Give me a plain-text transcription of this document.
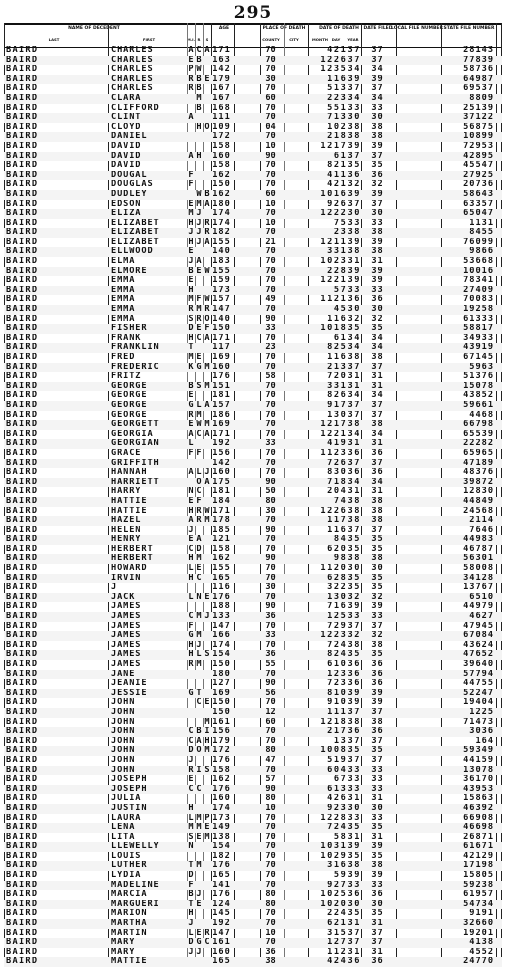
295
NAME OF DECEDENT
LAST	FIRST	M.I. R S
AGE	PLACE OF DEATH
COUNTY CITY
DATE OF DEATH
MONTH DAY YEAR
DATE FILED
LOCAL FILE NUMBER STATE FILE NUMBER
BAIRD	CHARLES	A C A 171	70	42137	37	28143
BAIRD	CHARLES	E B 163	70	122637	37	77839
BAIRD	CHARLES	P W 142	70	123534	34	58736
BAIRD	CHARLES	R B E 179	30	11639	39	64987
BAIRD	CHARLES	R B 167	70	51337	37	69537
BAIRD	CLARA	M 167	60	22334	34	8809
BAIRD	CLIFFORD	B 168	70	55133	33	25139
BAIRD	CLINT	A 111	70	71330	30	37122
BAIRD	CLOYD	H O 109	04	10238	38	56875
BAIRD	DANIEL	172	70	21838	38	10899
BAIRD	DAVID	158	10	121739	39	72953
BAIRD	DAVID	A H 160	90	6137	37	42895
BAIRD	DAVID	158	70	82135	35	45547
BAIRD	DOUGAL	F 162	70	41136	36	27925
BAIRD	DOUGLAS	F 150	70	42132	32	20736
BAIRD	DUDLEY	W B 162	60	101639	39	58643
BAIRD	EDSON	E M A 180	10	92637	37	63357
BAIRD	ELIZA	M J 174	70	122230	30	65047
BAIRD	ELIZABET	H J R 174	10	7533	33	1131
BAIRD	ELIZABET	J J R 182	70	2338	38	8455
BAIRD	ELIZABET	H J A 155	21	121139	39	76099
BAIRD	ELLWOOD	E 140	70	33138	38	9866
BAIRD	ELMA	J A 183	70	102331	31	53668
BAIRD	ELMORE	B E W 155	70	22839	39	10016
BAIRD	EMMA	E 159	70	122139	39	78341
BAIRD	EMMA	H 173	70	5733	33	27409
BAIRD	EMMA	M F W 157	49	112136	36	70083
BAIRD	EMMA	R M R 147	70	4530	30	19258
BAIRD	EMMA	S R O 140	90	11632	32	61333
BAIRD	FISHER	D E F 150	33	101835	35	58817
BAIRD	FRANK	H C A 171	70	6134	34	34933
BAIRD	FRANKLIN	T 117	23	82534	34	43919
BAIRD	FRED	M E 169	70	11638	38	67145
BAIRD	FREDERIC	K G M 160	70	21337	37	5963
BAIRD	FRITZ	176	58	72031	31	51376
BAIRD	GEORGE	B S M 151	70	33131	31	15078
BAIRD	GEORGE	E 181	70	82634	34	43852
BAIRD	GEORGE	G L A 157	70	91737	37	59661
BAIRD	GEORGE	R M 186	70	13037	37	4468
BAIRD	GEORGETT	E W M 169	70	121738	38	66798
BAIRD	GEORGIA	A C A 171	70	122134	34	65539
BAIRD	GEORGIAN	L 192	33	41931	31	22282
BAIRD	GRACE	F F 156	70	112336	36	65965
BAIRD	GRIFFITH	142	70	72637	37	47189
BAIRD	HANNAH	A L J 160	70	83036	36	48376
BAIRD	HARRIETT	O A 175	90	71834	34	39872
BAIRD	HARRY	N C 181	50	20431	31	12830
BAIRD	HATTIE	E F 184	80	7438	38	44849
BAIRD	HATTIE	H R W 171	30	122638	38	24568
BAIRD	HAZEL	A R M 178	70	11738	38	2114
BAIRD	HELEN	J 185	90	11637	37	7646
BAIRD	HENRY	E A 121	70	8435	35	44983
BAIRD	HERBERT	C D 158	70	62035	35	46787
BAIRD	HERBERT	H M 162	90	9838	38	56301
BAIRD	HOWARD	L E 155	70	112030	30	58008
BAIRD	IRVIN	H C 165	70	62835	35	34128
BAIRD	J	116	30	32235	35	13767
BAIRD	JACK	L N E 176	70	13032	32	6510
BAIRD	JAMES	188	90	71639	39	44979
BAIRD	JAMES	C M J 133	36	12533	33	4627
BAIRD	JAMES	F 147	70	72937	37	47945
BAIRD	JAMES	G M 166	33	122332	32	67084
BAIRD	JAMES	H J 174	70	72438	38	43624
BAIRD	JAMES	H L S 154	36	82435	35	47652
BAIRD	JAMES	R M 150	55	61036	36	39640
BAIRD	JANE	180	70	12336	36	57794
BAIRD	JEANIE	127	90	72336	36	44755
BAIRD	JESSIE	G T 169	56	81039	39	52247
BAIRD	JOHN	C E 150	70	91039	39	19404
BAIRD	JOHN	150	12	11137	37	1225
BAIRD	JOHN	M 161	60	121838	38	71473
BAIRD	JOHN	C B I 156	70	21736	36	3036
BAIRD	JOHN	C A H 179	70	1337	37	164
BAIRD	JOHN	D O M 172	80	100835	35	59349
BAIRD	JOHN	J 176	47	51937	37	44159
BAIRD	JOHN	R I S 158	70	60433	33	13078
BAIRD	JOSEPH	E 162	57	6733	33	36170
BAIRD	JOSEPH	C C 176	90	61333	33	43953
BAIRD	JULIA	160	80	42631	31	15863
BAIRD	JUSTIN	H 174	10	92330	30	46392
BAIRD	LAURA	L M P 173	70	122833	33	66908
BAIRD	LENA	M M E 149	70	72435	35	46698
BAIRD	LITA	S E M 138	70	5831	31	26871
BAIRD	LLEWELLY	N 154	70	103139	39	61671
BAIRD	LOUIS	182	70	102935	35	42129
BAIRD	LUTHER	T M 176	70	31638	38	17198
BAIRD	LYDIA	D 165	70	5939	39	15805
BAIRD	MADELINE	F 141	70	92733	33	59238
BAIRD	MARCIA	B J 176	80	102536	36	61957
BAIRD	MARGUERI	T E 124	80	102030	30	54734
BAIRD	MARION	H 145	70	22435	35	9191
BAIRD	MARTHA	J 192	70	62131	31	32660
BAIRD	MARTIN	L E R 147	10	31537	37	19201
BAIRD	MARY	D G C 161	70	12737	37	4138
BAIRD	MARY	J J 160	36	11231	31	4552
BAIRD	MATTIE	165	38	42436	36	24770
